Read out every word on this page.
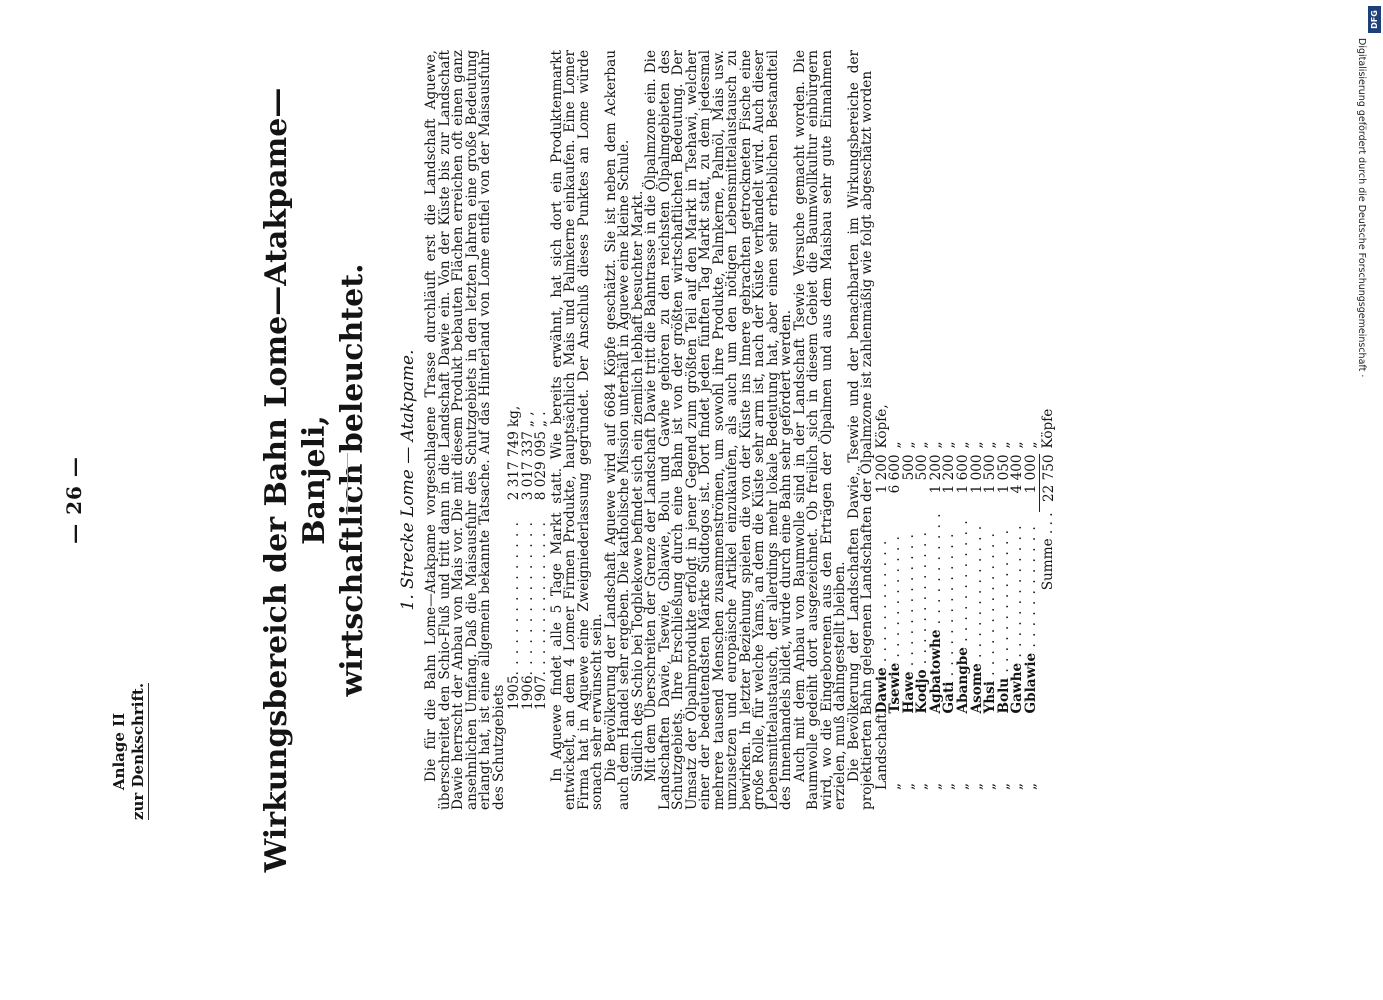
— 26 —
Anlage II zur Denkschrift.	Wirkungsbereich der Bahn Lome—Atakpame—Banjeli, wirtschaftlich beleuchtet. 1. Strecke Lome — Atakpame. Die für die Bahn Lome—Atakpame vorgeschlagene Trasse durchläuft erst die Landschaft Aguewe, überschreitet den Schio-Fluß und tritt dann in die Landschaft Dawie ein. Von der Küste bis zur Landschaft Dawie herrscht der Anbau von Mais vor. Die mit diesem Produkt bebauten Flächen erreichen oft einen ganz ansehnlichen Umfang. Daß die Maisausfuhr des Schutzgebiets in den letzten Jahren eine große Bedeutung erlangt hat, ist eine allgemein bekannte Tatsache. Auf das Hinterland von Lome entfiel von der Maisausfuhr des Schutzgebiets 1905	. . . . . . . . . . . . . . .	2 317 749	kg,
1906	. . . . . . . . . . . . . . .	3 017 337	„ ,
1907	. . . . . . . . . . . . . . .	8 029 095	„ . In Aguewe findet alle 5 Tage Markt statt. Wie bereits erwähnt, hat sich dort ein Produktenmarkt entwickelt, an dem 4 Lomer Firmen Produkte, hauptsächlich Mais und Palmkerne einkaufen. Eine Lomer Firma hat in Aguewe eine Zweigniederlassung gegründet. Der Anschluß dieses Punktes an Lome würde sonach sehr erwünscht sein.

Die Bevölkerung der Landschaft Aguewe wird auf 6684 Köpfe geschätzt. Sie ist neben dem Ackerbau auch dem Handel sehr ergeben. Die katholische Mission unterhält in Aguewe eine kleine Schule.

Südlich des Schio bei Togblekowe befindet sich ein ziemlich lebhaft besuchter Markt.

Mit dem Überschreiten der Grenze der Landschaft Dawie tritt die Bahntrasse in die Ölpalmzone ein. Die Landschaften Dawie, Tsewie, Gblawie, Bolu und Gawhe gehören zu den reichsten Ölpalmgebieten des Schutzgebiets. Ihre Erschließung durch eine Bahn ist von der größten wirtschaftlichen Bedeutung. Der Umsatz der Ölpalmprodukte erfolgt in jener Gegend zum größten Teil auf den Markt in Tsehawi, welcher einer der bedeutendsten Märkte Südtogos ist. Dort findet jeden fünften Tag Markt statt, zu dem jedesmal mehrere tausend Menschen zusammenströmen, um sowohl ihre Produkte, Palmkerne, Palmöl, Mais usw. umzusetzen und europäische Artikel einzukaufen, als auch um den nötigen Lebensmittelaustausch zu bewirken. In letzter Beziehung spielen die von der Küste ins Innere gebrachten getrockneten Fische eine große Rolle, für welche Yams, an dem die Küste sehr arm ist, nach der Küste verhandelt wird. Auch dieser Lebensmittelaustausch, der allerdings mehr lokale Bedeutung hat, aber einen sehr erheblichen Bestandteil des Innenhandels bildet, würde durch eine Bahn sehr gefördert werden.

Auch mit dem Anbau von Baumwolle sind in der Landschaft Tsewie Versuche gemacht worden. Die Baumwolle gedeiht dort ausgezeichnet. Ob freilich sich in diesem Gebiet die Baumwollkultur einbürgern wird, wo die Eingeborenen aus den Erträgen der Ölpalmen und aus dem Maisbau sehr gute Einnahmen erzielen, muß dahingestellt bleiben.

Die Bevölkerung der Landschaften Dawie, Tsewie und der benachbarten im Wirkungsbereiche der projektierten Bahn gelegenen Landschaften der Ölpalmzone ist zahlenmäßig wie folgt abgeschätzt worden

Landschaft	Dawie . . . . . . . . . . . .	1 200	Köpfe,
„	Tsewie . . . . . . . . . . . .	6 600	„
„	Hawe . . . . . . . . . . . . .	500	„
„	Kodjo . . . . . . . . . . . . .	500	„
„	Agbatowhe . . . . . . . . . . .	1 200	„
„	Gati . . . . . . . . . . . . . .	1 200	„
„	Abangbe . . . . . . . . . . . .	1 600	„
„	Asome . . . . . . . . . . . . .	1 000	„
„	Yhsi . . . . . . . . . . . . . .	1 500	„
„	Bolu . . . . . . . . . . . . . .	1 050	„
„	Gawhe . . . . . . . . . . . . .	4 400	„
„	Gblawie . . . . . . . . . . . .	1 000	„
	Summe . . .	22 750	Köpfe
DFG
Digitalisierung gefördert durch die Deutsche Forschungsgemeinschaft ·
